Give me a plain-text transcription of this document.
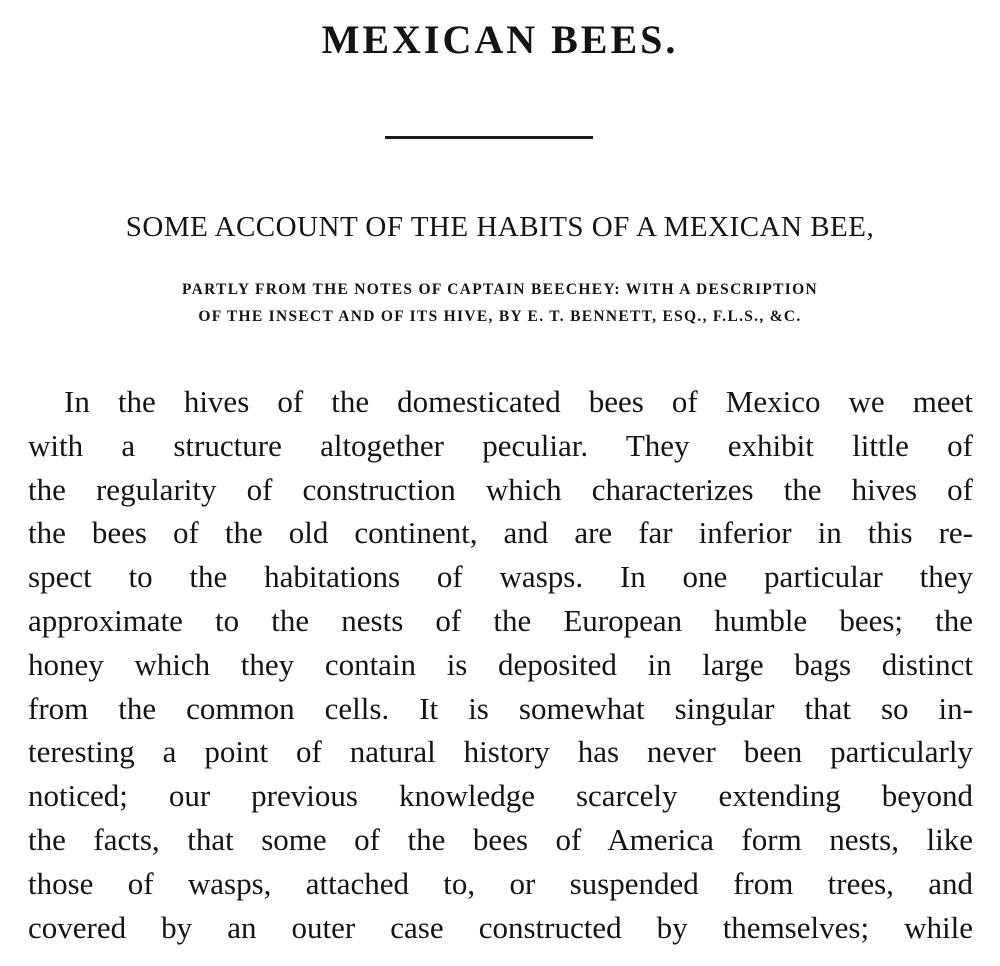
MEXICAN BEES.
SOME ACCOUNT OF THE HABITS OF A MEXICAN BEE,

PARTLY FROM THE NOTES OF CAPTAIN BEECHEY: WITH A DESCRIPTION
OF THE INSECT AND OF ITS HIVE, BY E. T. BENNETT, ESQ., F.L.S., &C.

In the hives of the domesticated bees of Mexico we meet
with a structure altogether peculiar. They exhibit little of
the regularity of construction which characterizes the hives of
the bees of the old continent, and are far inferior in this re-
spect to the habitations of wasps. In one particular they
approximate to the nests of the European humble bees; the
honey which they contain is deposited in large bags distinct
from the common cells. It is somewhat singular that so in-
teresting a point of natural history has never been particularly
noticed; our previous knowledge scarcely extending beyond
the facts, that some of the bees of America form nests, like
those of wasps, attached to, or suspended from trees, and
covered by an outer case constructed by themselves; while
